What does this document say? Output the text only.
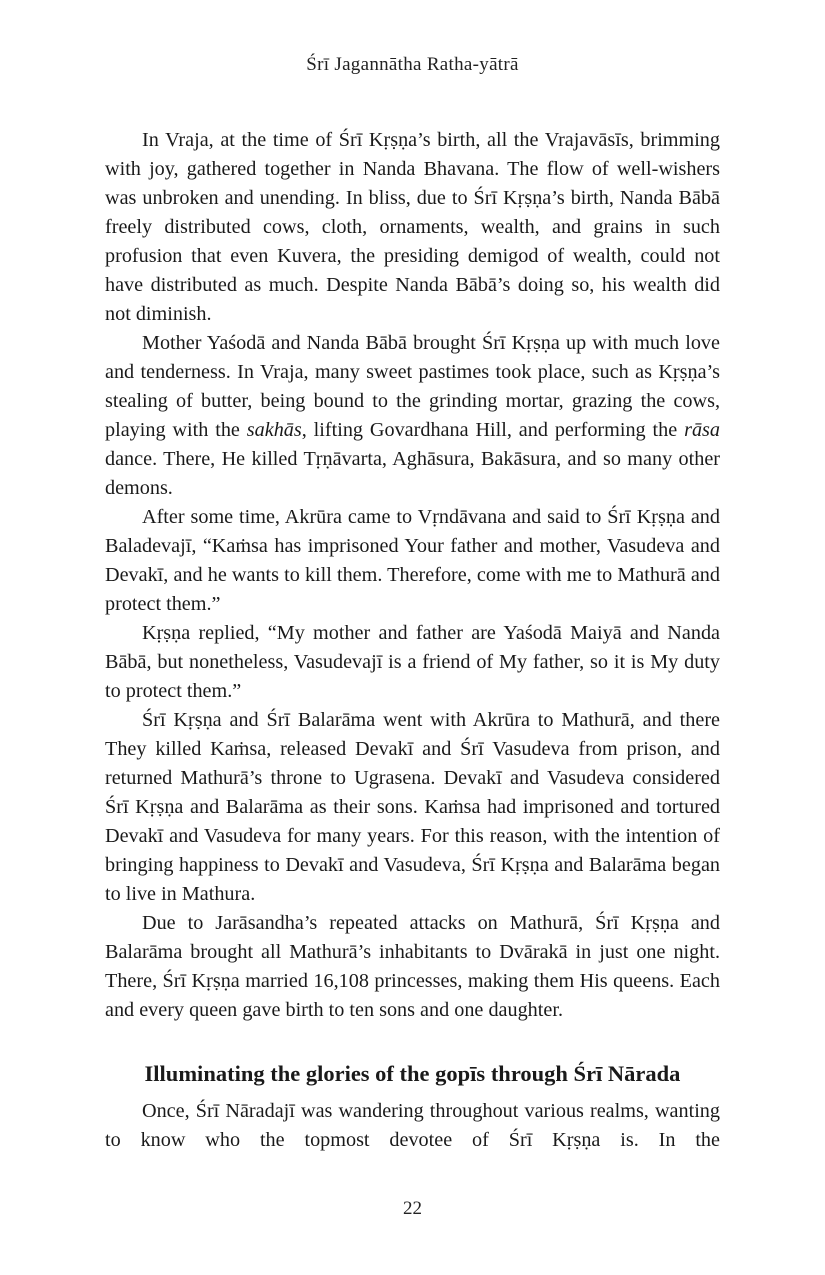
Śrī Jagannātha Ratha-yātrā

In Vraja, at the time of Śrī Kṛṣṇa’s birth, all the Vrajavāsīs, brimming with joy, gathered together in Nanda Bhavana. The flow of well-wishers was unbroken and unending. In bliss, due to Śrī Kṛṣṇa’s birth, Nanda Bābā freely distributed cows, cloth, ornaments, wealth, and grains in such profusion that even Kuvera, the presiding demigod of wealth, could not have distributed as much. Despite Nanda Bābā’s doing so, his wealth did not diminish.

Mother Yaśodā and Nanda Bābā brought Śrī Kṛṣṇa up with much love and tenderness. In Vraja, many sweet pastimes took place, such as Kṛṣṇa’s stealing of butter, being bound to the grinding mortar, grazing the cows, playing with the sakhās, lifting Govardhana Hill, and performing the rāsa dance. There, He killed Tṛṇāvarta, Aghāsura, Bakāsura, and so many other demons.

After some time, Akrūra came to Vṛndāvana and said to Śrī Kṛṣṇa and Baladevajī, “Kaṁsa has imprisoned Your father and mother, Vasudeva and Devakī, and he wants to kill them. Therefore, come with me to Mathurā and protect them.”

Kṛṣṇa replied, “My mother and father are Yaśodā Maiyā and Nanda Bābā, but nonetheless, Vasudevajī is a friend of My father, so it is My duty to protect them.”

Śrī Kṛṣṇa and Śrī Balarāma went with Akrūra to Mathurā, and there They killed Kaṁsa, released Devakī and Śrī Vasudeva from prison, and returned Mathurā’s throne to Ugrasena. Devakī and Vasudeva considered Śrī Kṛṣṇa and Balarāma as their sons. Kaṁsa had imprisoned and tortured Devakī and Vasudeva for many years. For this reason, with the intention of bringing happiness to Devakī and Vasudeva, Śrī Kṛṣṇa and Balarāma began to live in Mathura.

Due to Jarāsandha’s repeated attacks on Mathurā, Śrī Kṛṣṇa and Balarāma brought all Mathurā’s inhabitants to Dvārakā in just one night. There, Śrī Kṛṣṇa married 16,108 princesses, making them His queens. Each and every queen gave birth to ten sons and one daughter.

Illuminating the glories of the gopīs through Śrī Nārada

Once, Śrī Nāradajī was wandering throughout various realms, wanting to know who the topmost devotee of Śrī Kṛṣṇa is. In the

22
